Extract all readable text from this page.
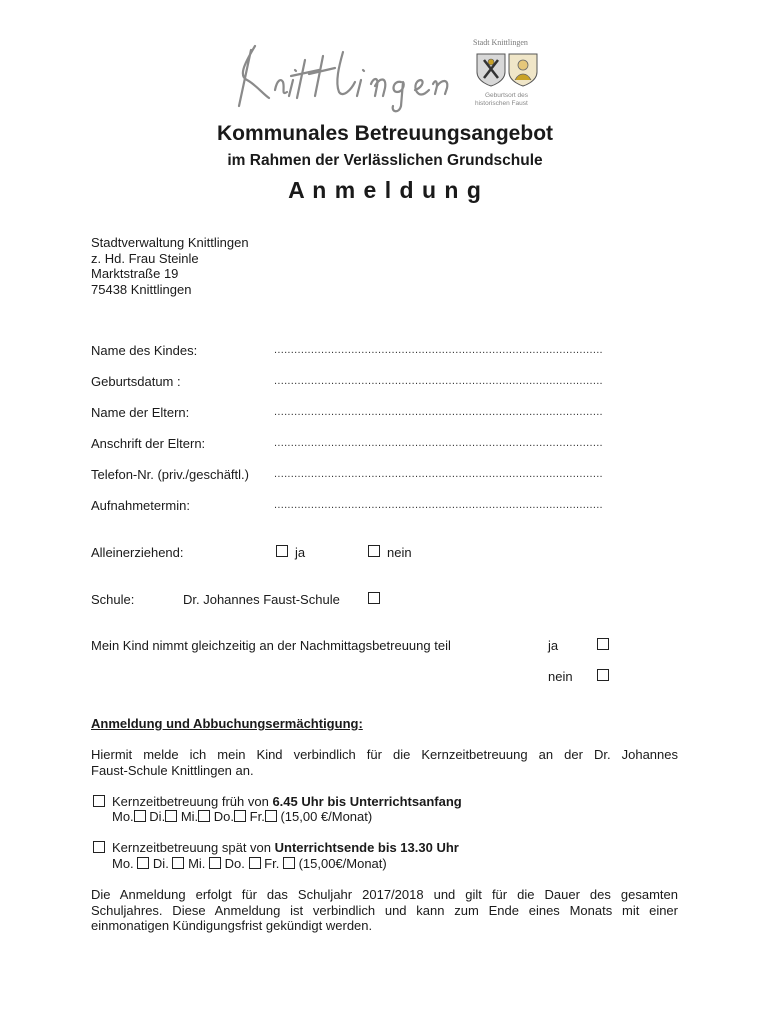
Stadt Knittlingen
Geburtsort des
historischen Faust
Kommunales Betreuungsangebot
im Rahmen der Verlässlichen Grundschule
A n m e l d u n g
Stadtverwaltung Knittlingen
z. Hd. Frau Steinle
Marktstraße 19
75438 Knittlingen
Name des Kindes:	..................................................................................................
Geburtsdatum :	..................................................................................................
Name der Eltern:	..................................................................................................
Anschrift der Eltern:	..................................................................................................
Telefon-Nr. (priv./geschäftl.) ..................................................................................................
Aufnahmetermin:	..................................................................................................
Alleinerziehend:	ja	nein
Schule:	Dr. Johannes Faust-Schule
Mein Kind nimmt gleichzeitig an der Nachmittagsbetreuung teil	ja
nein
Anmeldung und Abbuchungsermächtigung:
Hiermit melde ich mein Kind verbindlich für die Kernzeitbetreuung an der Dr. Johannes
Faust-Schule Knittlingen an.
Kernzeitbetreuung früh von 6.45 Uhr bis Unterrichtsanfang
Mo. Di. Mi. Do. Fr. (15,00 €/Monat)
Kernzeitbetreuung spät von Unterrichtsende bis 13.30 Uhr
Mo. Di. Mi. Do. Fr. (15,00€/Monat)
Die Anmeldung erfolgt für das Schuljahr 2017/2018 und gilt für die Dauer des gesamten
Schuljahres. Diese Anmeldung ist verbindlich und kann zum Ende eines Monats mit einer
einmonatigen Kündigungsfrist gekündigt werden.
